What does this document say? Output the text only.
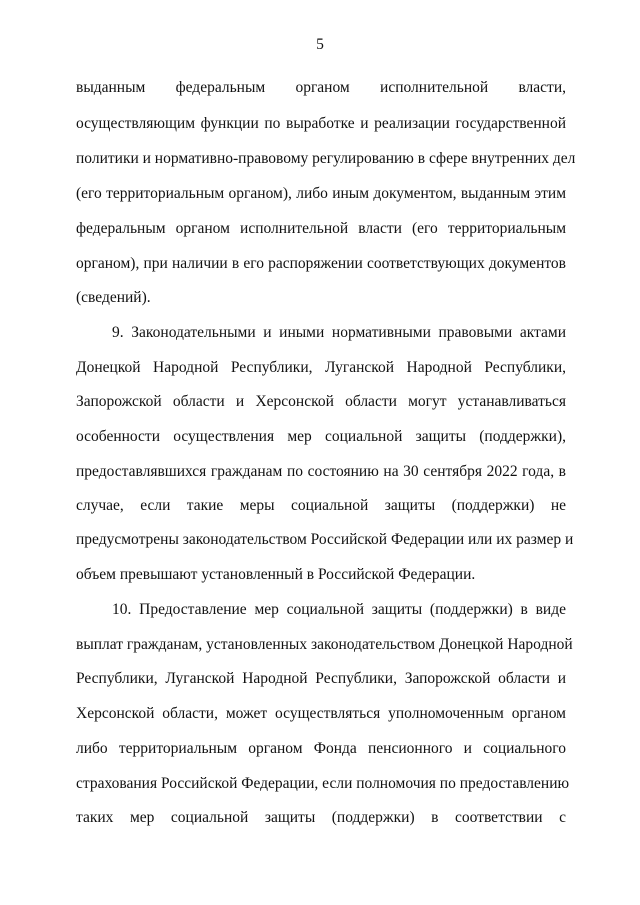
5
выданным федеральным органом исполнительной власти,
осуществляющим функции по выработке и реализации государственной
политики и нормативно-правовому регулированию в сфере внутренних дел
(его территориальным органом), либо иным документом, выданным этим
федеральным органом исполнительной власти (его территориальным
органом), при наличии в его распоряжении соответствующих документов
(сведений).
9. Законодательными и иными нормативными правовыми актами
Донецкой Народной Республики, Луганской Народной Республики,
Запорожской области и Херсонской области могут устанавливаться
особенности осуществления мер социальной защиты (поддержки),
предоставлявшихся гражданам по состоянию на 30 сентября 2022 года, в
случае, если такие меры социальной защиты (поддержки) не
предусмотрены законодательством Российской Федерации или их размер и
объем превышают установленный в Российской Федерации.
10. Предоставление мер социальной защиты (поддержки) в виде
выплат гражданам, установленных законодательством Донецкой Народной
Республики, Луганской Народной Республики, Запорожской области и
Херсонской области, может осуществляться уполномоченным органом
либо территориальным органом Фонда пенсионного и социального
страхования Российской Федерации, если полномочия по предоставлению
таких мер социальной защиты (поддержки) в соответствии с
